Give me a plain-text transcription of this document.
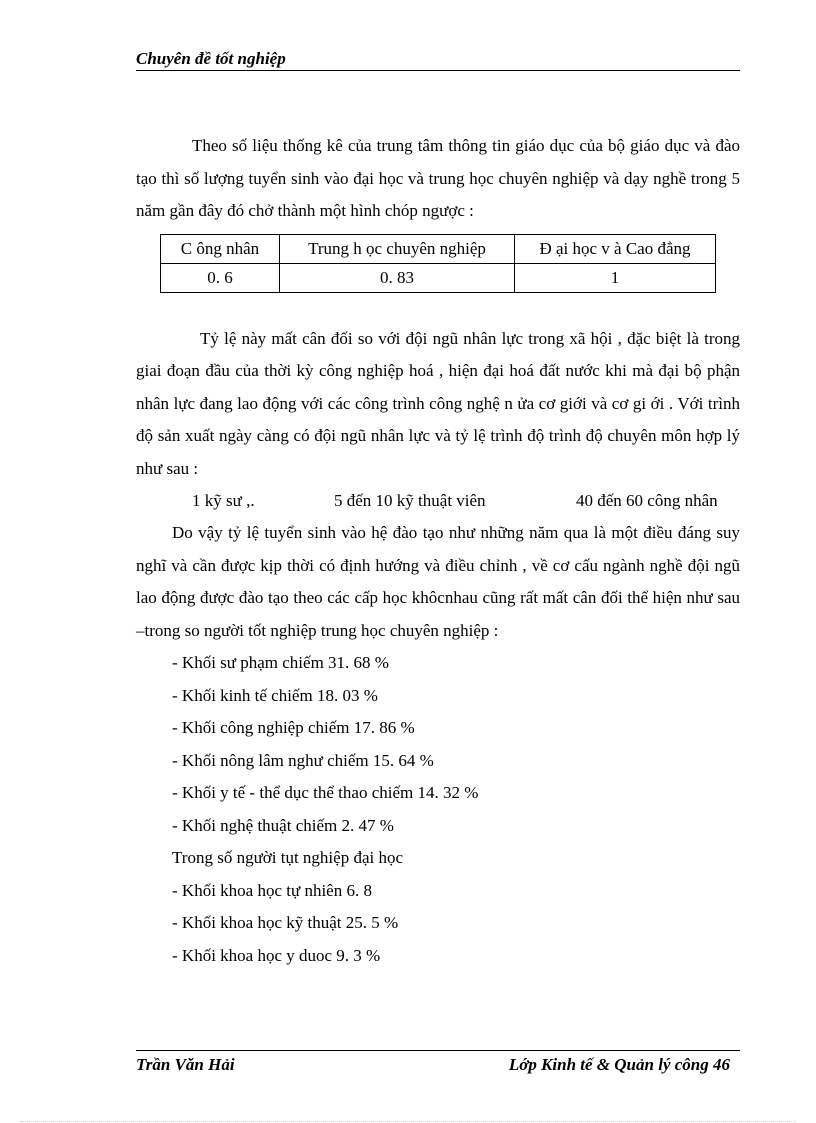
Chuyên đề tốt nghiệp

Theo số liệu thống kê của trung tâm thông tin giáo dục của bộ giáo dục và đào tạo thì số lượng tuyển sinh vào đại học và trung học chuyên nghiệp và dạy nghề trong 5 năm gần đây đó chở thành một hình chóp ngược :

C ông nhân	Trung h ọc chuyên nghiệp	Đ ại học v à Cao đẳng
0. 6	0. 83	1

Tỷ lệ này mất cân đối so với đội ngũ nhân lực trong xã hội , đặc biệt là trong giai đoạn đầu của thời kỳ công nghiệp hoá , hiện đại hoá đất nước khi mà đại bộ phận nhân lực đang lao động với các công trình công nghệ n ửa cơ giới và cơ gi ới . Với trình độ sản xuất ngày càng có đội ngũ nhân lực và tỷ lệ trình độ trình độ chuyên môn hợp lý như sau :

1 kỹ sư ,.	5 đến 10 kỹ thuật viên	40 đến 60 công nhân

Do vậy tỷ lệ tuyển sinh vào hệ đào tạo như những năm qua là một điều đáng suy nghĩ và cần được kịp thời có định hướng và điều chỉnh , về cơ cấu ngành nghề đội ngũ lao động được đào tạo theo các cấp học khôcnhau cũng rất mất cân đối thể hiện như sau –trong so người tốt nghiệp trung học chuyên nghiệp :

- Khối sư phạm chiếm 31. 68 %
- Khối kinh tế chiếm 18. 03 %
- Khối công nghiệp chiếm 17. 86 %
- Khối nông lâm nghư chiếm 15. 64 %
- Khối y tế - thể dục thể thao chiếm 14. 32 %
- Khối nghệ thuật chiếm 2. 47 %
Trong số người tụt nghiệp đại học
- Khối khoa học tự nhiên 6. 8
- Khối khoa học kỹ thuật 25. 5 %
- Khối khoa học y duoc 9. 3 %
Trần Văn Hải	Lớp Kinh tế & Quản lý công 46
